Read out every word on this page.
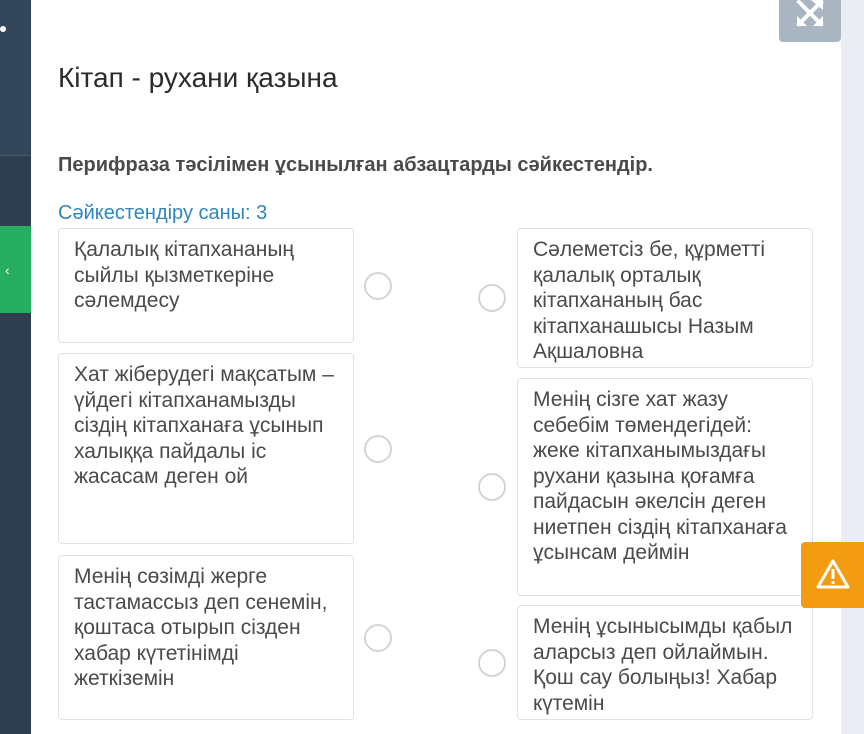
‹
Кітап - рухани қазына
Перифраза тәсілімен ұсынылған абзацтарды сәйкестендір.
Сәйкестендіру саны: 3
Қалалық кітапхананың сыйлы қызметкеріне сәлемдесу
Хат жіберудегі мақсатым – үйдегі кітапханамызды сіздің кітапханаға ұсынып халыққа пайдалы іс жасасам деген ой
Менің сөзімді жерге тастамассыз деп сенемін, қоштаса отырып сізден хабар күтетінімді жеткіземін
Сәлеметсіз бе, құрметті қалалық орталық кітапхананың бас кітапханашысы Назым Ақшаловна
Менің сізге хат жазу себебім төмендегідей: жеке кітапханымыздағы рухани қазына қоғамға пайдасын әкелсін деген ниетпен сіздің кітапханаға ұсынсам деймін
Менің ұсынысымды қабыл аларсыз деп ойлаймын. Қош сау болыңыз! Хабар күтемін
